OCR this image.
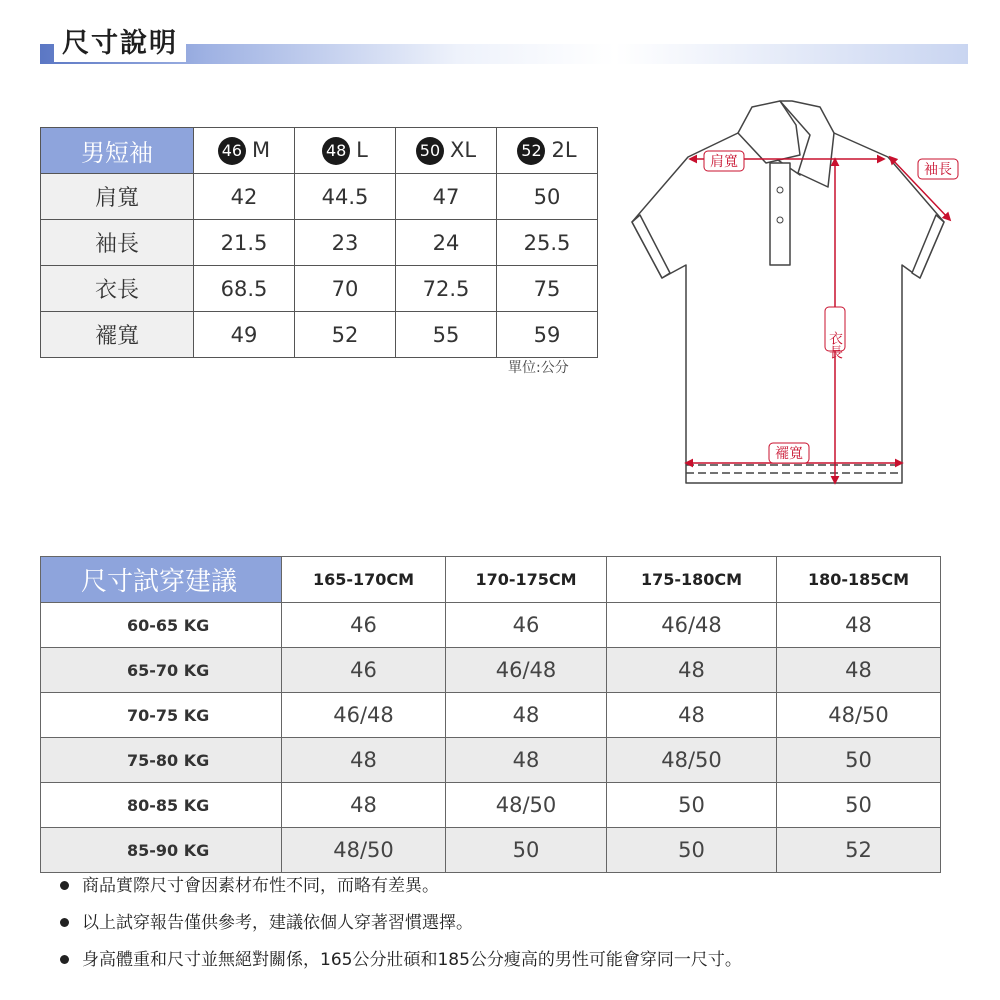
尺寸說明
男短袖	46 M	48 L	50 XL	52 2L
肩寬	42	44.5	47	50
袖長	21.5	23	24	25.5
衣長	68.5	70	72.5	75
襬寬	49	52	55	59
單位:公分
肩寬	袖長
衣長
襬寬
尺寸試穿建議	165-170CM	170-175CM	175-180CM	180-185CM
60-65 KG	46	46	46/48	48
65-70 KG	46	46/48	48	48
70-75 KG	46/48	48	48	48/50
75-80 KG	48	48	48/50	50
80-85 KG	48	48/50	50	50
85-90 KG	48/50	50	50	52
商品實際尺寸會因素材布性不同，而略有差異。
以上試穿報告僅供參考，建議依個人穿著習慣選擇。
身高體重和尺寸並無絕對關係，165公分壯碩和185公分瘦高的男性可能會穿同一尺寸。
